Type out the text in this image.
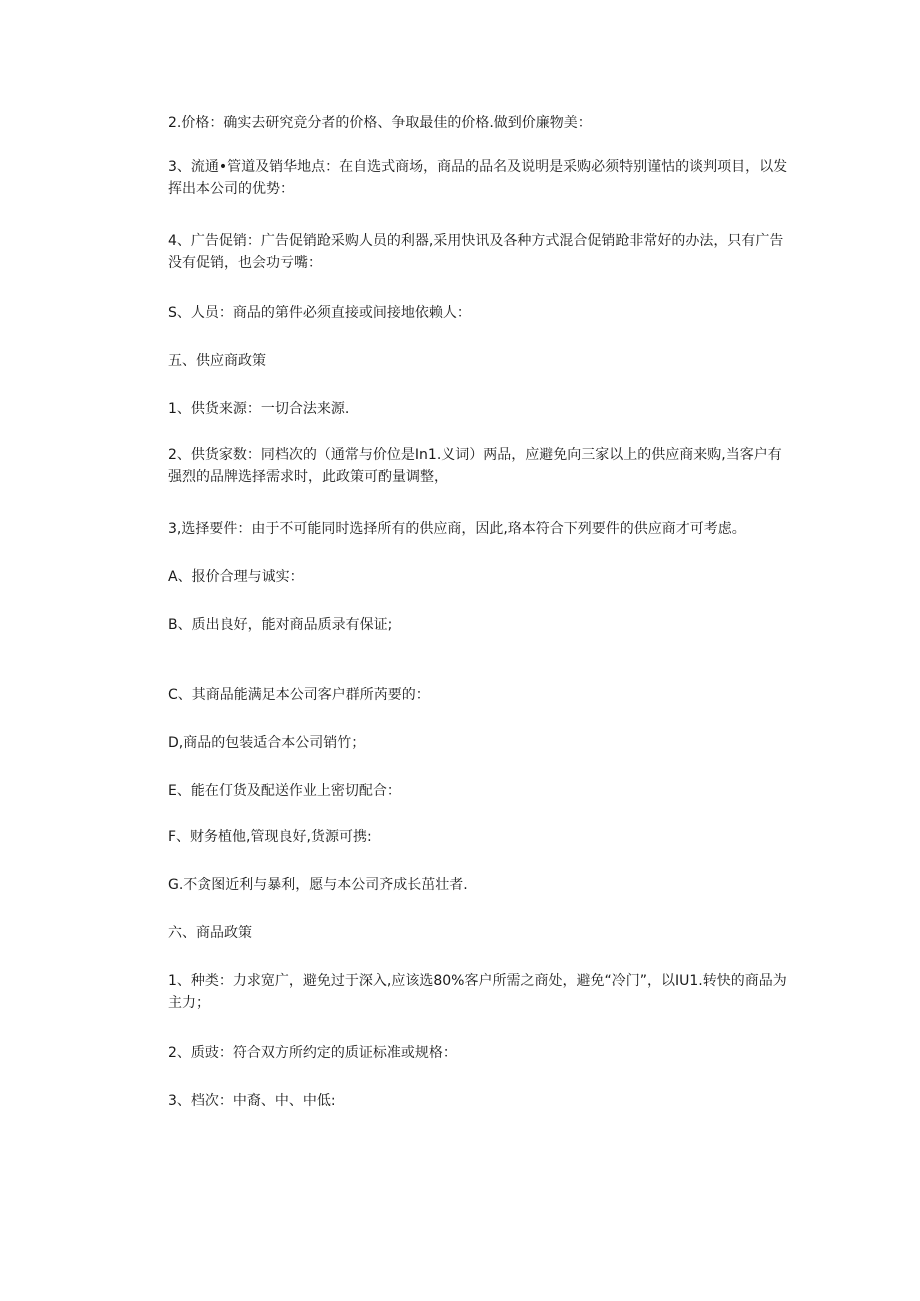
2.价格：确实去研究竞分者的价格、争取最佳的价格.做到价廉物美：
3、流通•管道及销华地点：在自选式商场，商品的品名及说明是采购必须特别谨怙的谈判项目，以发挥出本公司的优势：
4、广告促销：广告促销跄采购人员的利器,采用快讯及各种方式混合促销跄非常好的办法，只有广告没有促销，也会功亏嘴：
S、人员：商品的第件必须直接或间接地依赖人：
五、供应商政策
1、供货来源：一切合法来源.
2、供货家数：同档次的（通常与价位是In1.义词）两品，应避免向三家以上的供应商来购,当客户有强烈的品牌选择需求时，此政策可酌量调整，
3,选择要件：由于不可能同时选择所有的供应商，因此,珞本符合下列要件的供应商才可考虑。
A、报价合理与诚实：
B、质出良好，能对商品质录有保证;
C、其商品能满足本公司客户群所芮要的：
D,商品的包装适合本公司销竹；
E、能在仃货及配送作业上密切配合：
F、财务植他,管现良好,货源可携:
G.不贪图近利与暴利，愿与本公司齐成长茁壮者.
六、商品政策
1、种类：力求宽广，避免过于深入,应该选80%客户所需之商处，避免“冷门”，以IU1.转快的商品为主力；
2、质豉：符合双方所约定的质证标准或规格：
3、档次：中裔、中、中低:
